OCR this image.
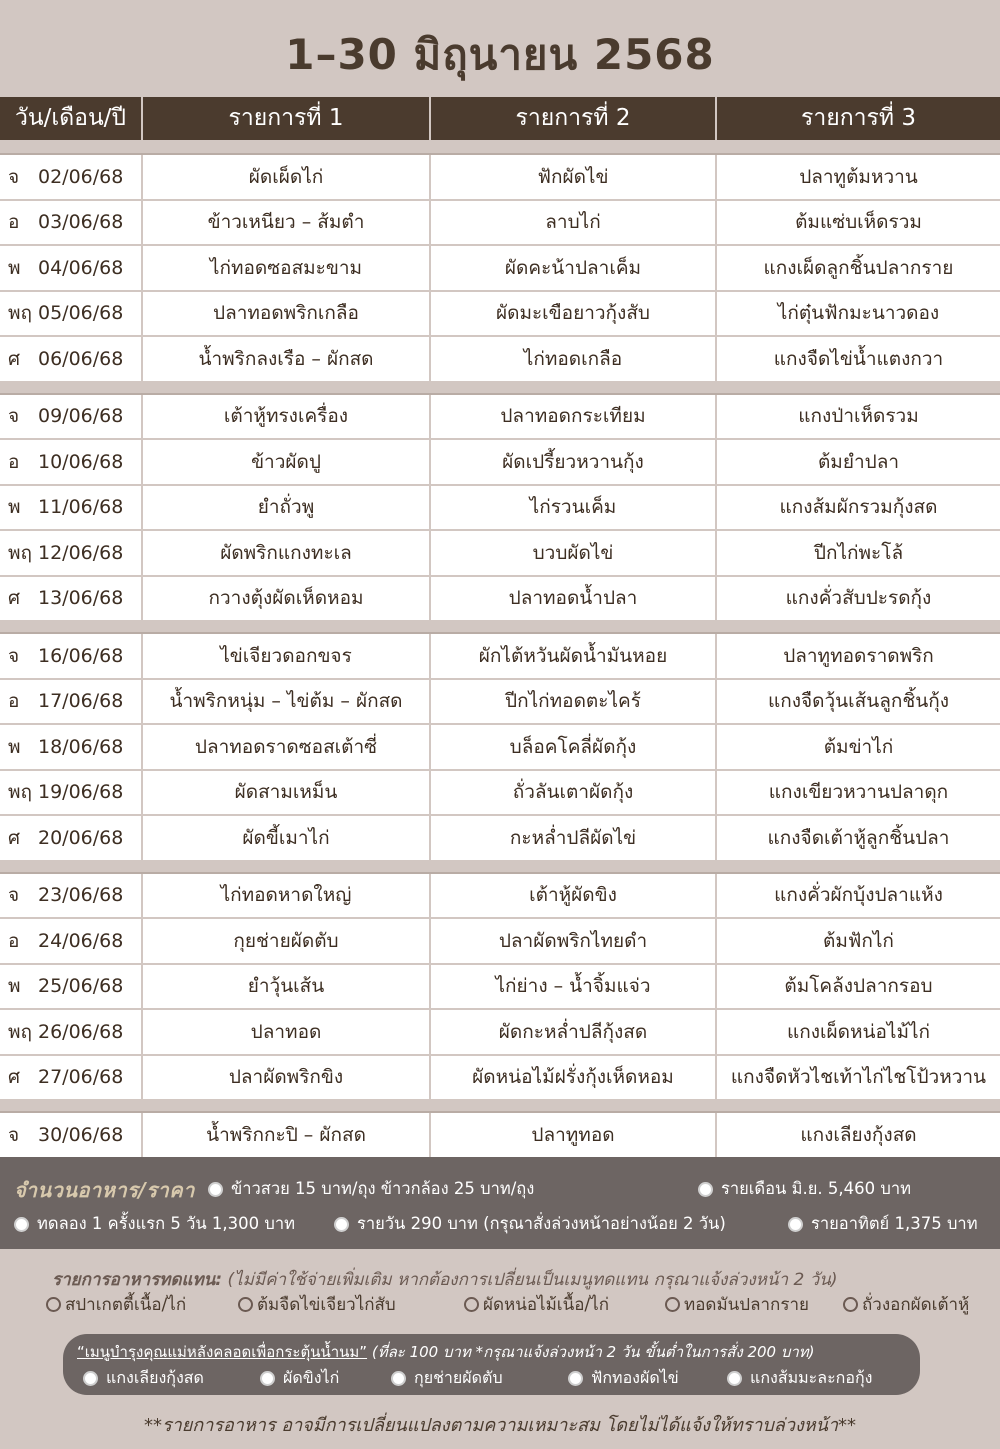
1–30 มิถุนายน 2568
วัน/เดือน/ปี	รายการที่ 1	รายการที่ 2	รายการที่ 3

จ 02/06/68	ผัดเผ็ดไก่	ฟักผัดไข่	ปลาทูต้มหวาน
อ 03/06/68	ข้าวเหนียว – ส้มตำ	ลาบไก่	ต้มแซ่บเห็ดรวม
พ 04/06/68	ไก่ทอดซอสมะขาม	ผัดคะน้าปลาเค็ม	แกงเผ็ดลูกชิ้นปลากราย
พฤ 05/06/68	ปลาทอดพริกเกลือ	ผัดมะเขือยาวกุ้งสับ	ไก่ตุ๋นฟักมะนาวดอง
ศ 06/06/68	น้ำพริกลงเรือ – ผักสด	ไก่ทอดเกลือ	แกงจืดไข่น้ำแตงกวา

จ 09/06/68	เต้าหู้ทรงเครื่อง	ปลาทอดกระเทียม	แกงป่าเห็ดรวม
อ 10/06/68	ข้าวผัดปู	ผัดเปรี้ยวหวานกุ้ง	ต้มยำปลา
พ 11/06/68	ยำถั่วพู	ไก่รวนเค็ม	แกงส้มผักรวมกุ้งสด
พฤ 12/06/68	ผัดพริกแกงทะเล	บวบผัดไข่	ปีกไก่พะโล้
ศ 13/06/68	กวางตุ้งผัดเห็ดหอม	ปลาทอดน้ำปลา	แกงคั่วสับปะรดกุ้ง

จ 16/06/68	ไข่เจียวดอกขจร	ผักไต้หวันผัดน้ำมันหอย	ปลาทูทอดราดพริก
อ 17/06/68	น้ำพริกหนุ่ม – ไข่ต้ม – ผักสด	ปีกไก่ทอดตะไคร้	แกงจืดวุ้นเส้นลูกชิ้นกุ้ง
พ 18/06/68	ปลาทอดราดซอสเต้าซี่	บล็อคโคลี่ผัดกุ้ง	ต้มข่าไก่
พฤ 19/06/68	ผัดสามเหม็น	ถั่วลันเตาผัดกุ้ง	แกงเขียวหวานปลาดุก
ศ 20/06/68	ผัดขี้เมาไก่	กะหล่ำปลีผัดไข่	แกงจืดเต้าหู้ลูกชิ้นปลา

จ 23/06/68	ไก่ทอดหาดใหญ่	เต้าหู้ผัดขิง	แกงคั่วผักบุ้งปลาแห้ง
อ 24/06/68	กุยช่ายผัดตับ	ปลาผัดพริกไทยดำ	ต้มฟักไก่
พ 25/06/68	ยำวุ้นเส้น	ไก่ย่าง – น้ำจิ้มแจ่ว	ต้มโคล้งปลากรอบ
พฤ 26/06/68	ปลาทอด	ผัดกะหล่ำปลีกุ้งสด	แกงเผ็ดหน่อไม้ไก่
ศ 27/06/68	ปลาผัดพริกขิง	ผัดหน่อไม้ฝรั่งกุ้งเห็ดหอม	แกงจืดหัวไชเท้าไก่ไชโป้วหวาน

จ 30/06/68	น้ำพริกกะปิ – ผักสด	ปลาทูทอด	แกงเลียงกุ้งสด
จำนวนอาหาร/ราคา ข้าวสวย 15 บาท/ถุง ข้าวกล้อง 25 บาท/ถุง	รายเดือน มิ.ย. 5,460 บาท
ทดลอง 1 ครั้งแรก 5 วัน 1,300 บาท	รายวัน 290 บาท (กรุณาสั่งล่วงหน้าอย่างน้อย 2 วัน)	รายอาทิตย์ 1,375 บาท
รายการอาหารทดแทน: (ไม่มีค่าใช้จ่ายเพิ่มเติม หากต้องการเปลี่ยนเป็นเมนูทดแทน กรุณาแจ้งล่วงหน้า 2 วัน)
สปาเกตตี้เนื้อ/ไก่	ต้มจืดไข่เจียวไก่สับ	ผัดหน่อไม้เนื้อ/ไก่	ทอดมันปลากราย	ถั่วงอกผัดเต้าหู้
“เมนูบำรุงคุณแม่หลังคลอดเพื่อกระตุ้นน้ำนม” (ที่ละ 100 บาท *กรุณาแจ้งล่วงหน้า 2 วัน ขั้นต่ำในการสั่ง 200 บาท)
แกงเลียงกุ้งสด	ผัดขิงไก่	กุยช่ายผัดตับ	ฟักทองผัดไข่	แกงส้มมะละกอกุ้ง
**รายการอาหาร อาจมีการเปลี่ยนแปลงตามความเหมาะสม โดยไม่ได้แจ้งให้ทราบล่วงหน้า**
